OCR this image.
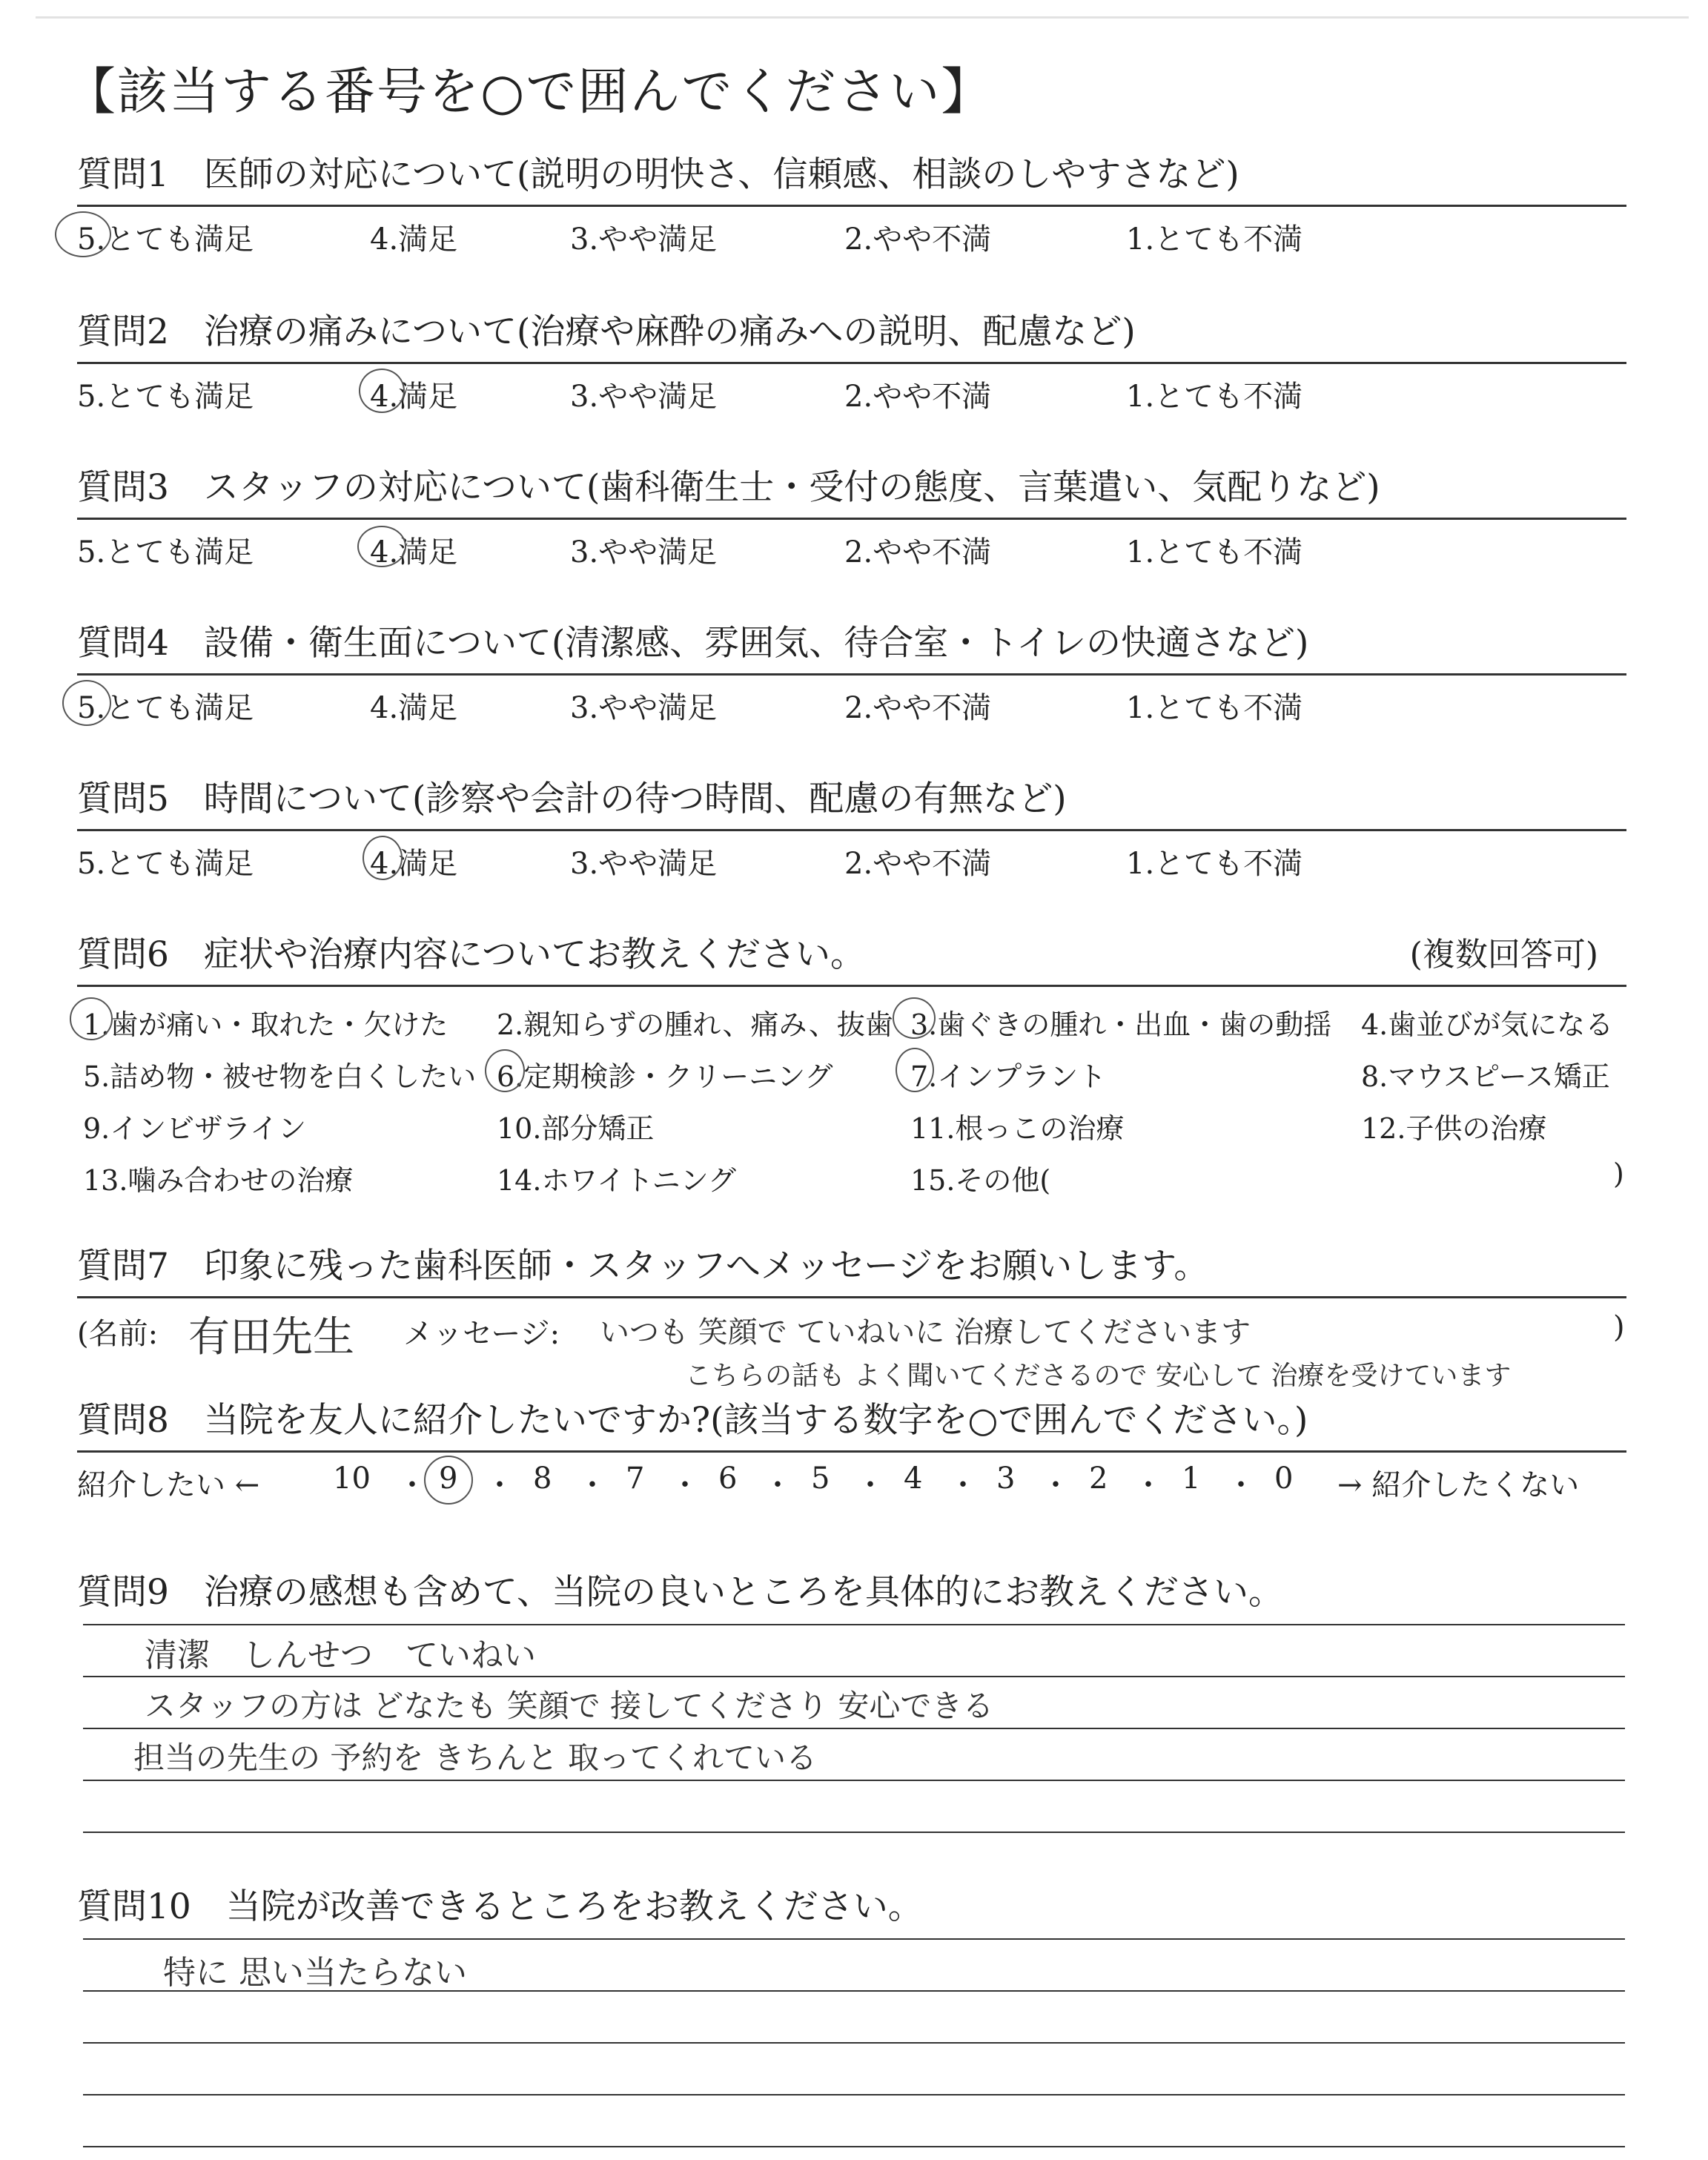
【該当する番号を○で囲んでください】
質問1　医師の対応について(説明の明快さ、信頼感、相談のしやすさなど)
5.とても満足	4.満足	3.やや満足	2.やや不満	1.とても不満
質問2　治療の痛みについて(治療や麻酔の痛みへの説明、配慮など)
5.とても満足	4.満足	3.やや満足	2.やや不満	1.とても不満
質問3　スタッフの対応について(歯科衛生士・受付の態度、言葉遣い、気配りなど)
5.とても満足	4.満足	3.やや満足	2.やや不満	1.とても不満
質問4　設備・衛生面について(清潔感、雰囲気、待合室・トイレの快適さなど)
5.とても満足	4.満足	3.やや満足	2.やや不満	1.とても不満
質問5　時間について(診察や会計の待つ時間、配慮の有無など)
5.とても満足	4.満足	3.やや満足	2.やや不満	1.とても不満
質問6　症状や治療内容についてお教えください。	(複数回答可)
1.歯が痛い・取れた・欠けた 2.親知らずの腫れ、痛み、抜歯 3.歯ぐきの腫れ・出血・歯の動揺 4.歯並びが気になる
5.詰め物・被せ物を白くしたい 6.定期検診・クリーニング	7.インプラント	8.マウスピース矯正
9.インビザライン	10.部分矯正	11.根っこの治療	12.子供の治療
13.噛み合わせの治療	14.ホワイトニング	15.その他(	)
質問7　印象に残った歯科医師・スタッフへメッセージをお願いします。
(名前: 有田先生 メッセージ: いつも 笑顔で ていねいに 治療してくださいます
こちらの話も よく聞いてくださるので 安心して 治療を受けています
)
質問8　当院を友人に紹介したいですか?(該当する数字を○で囲んでください。)
紹介したい ← 10 ・ 9 ・ 8 ・ 7 ・ 6 ・ 5 ・ 4 ・ 3 ・ 2 ・ 1 ・ 0 → 紹介したくない
質問9　治療の感想も含めて、当院の良いところを具体的にお教えください。
清潔　しんせつ　ていねい
スタッフの方は どなたも 笑顔で 接してくださり 安心できる
担当の先生の 予約を きちんと 取ってくれている
質問10　当院が改善できるところをお教えください。
特に 思い当たらない
